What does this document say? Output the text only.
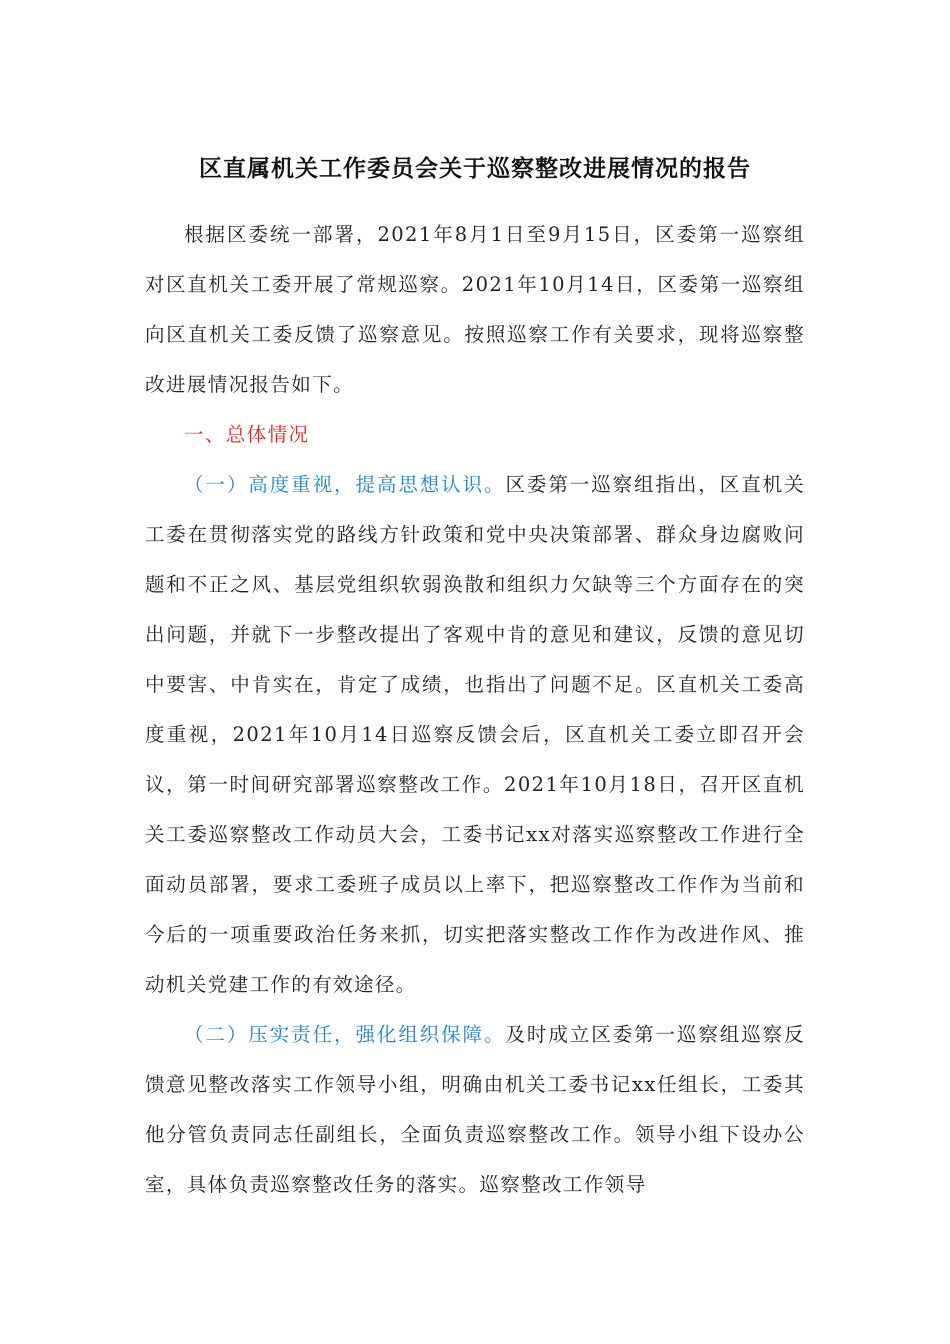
区直属机关工作委员会关于巡察整改进展情况的报告

根据区委统一部署，2021年8月1日至9月15日，区委第一巡察组对区直机关工委开展了常规巡察。2021年10月14日，区委第一巡察组向区直机关工委反馈了巡察意见。按照巡察工作有关要求，现将巡察整改进展情况报告如下。

一、总体情况

（一）高度重视，提高思想认识。区委第一巡察组指出，区直机关工委在贯彻落实党的路线方针政策和党中央决策部署、群众身边腐败问题和不正之风、基层党组织软弱涣散和组织力欠缺等三个方面存在的突出问题，并就下一步整改提出了客观中肯的意见和建议，反馈的意见切中要害、中肯实在，肯定了成绩，也指出了问题不足。区直机关工委高度重视，2021年10月14日巡察反馈会后，区直机关工委立即召开会议，第一时间研究部署巡察整改工作。2021年10月18日，召开区直机关工委巡察整改工作动员大会，工委书记xx对落实巡察整改工作进行全面动员部署，要求工委班子成员以上率下，把巡察整改工作作为当前和今后的一项重要政治任务来抓，切实把落实整改工作作为改进作风、推动机关党建工作的有效途径。

（二）压实责任，强化组织保障。及时成立区委第一巡察组巡察反馈意见整改落实工作领导小组，明确由机关工委书记xx任组长，工委其他分管负责同志任副组长，全面负责巡察整改工作。领导小组下设办公室，具体负责巡察整改任务的落实。巡察整改工作领导
